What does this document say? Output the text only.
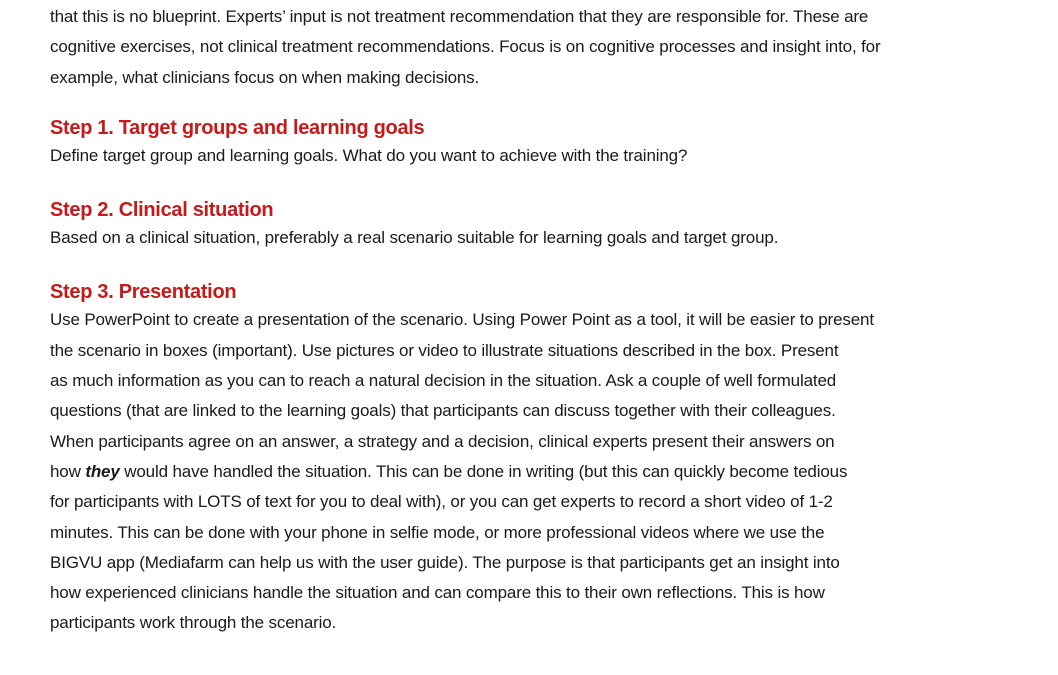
that this is no blueprint. Experts’ input is not treatment recommendation that they are responsible for. These are
cognitive exercises, not clinical treatment recommendations. Focus is on cognitive processes and insight into, for
example, what clinicians focus on when making decisions.

Step 1. Target groups and learning goals

Define target group and learning goals. What do you want to achieve with the training?

Step 2. Clinical situation

Based on a clinical situation, preferably a real scenario suitable for learning goals and target group.

Step 3. Presentation

Use PowerPoint to create a presentation of the scenario. Using Power Point as a tool, it will be easier to present
the scenario in boxes (important). Use pictures or video to illustrate situations described in the box. Present
as much information as you can to reach a natural decision in the situation. Ask a couple of well formulated
questions (that are linked to the learning goals) that participants can discuss together with their colleagues.
When participants agree on an answer, a strategy and a decision, clinical experts present their answers on
how they would have handled the situation. This can be done in writing (but this can quickly become tedious
for participants with LOTS of text for you to deal with), or you can get experts to record a short video of 1-2
minutes. This can be done with your phone in selfie mode, or more professional videos where we use the
BIGVU app (Mediafarm can help us with the user guide). The purpose is that participants get an insight into
how experienced clinicians handle the situation and can compare this to their own reflections. This is how
participants work through the scenario.
